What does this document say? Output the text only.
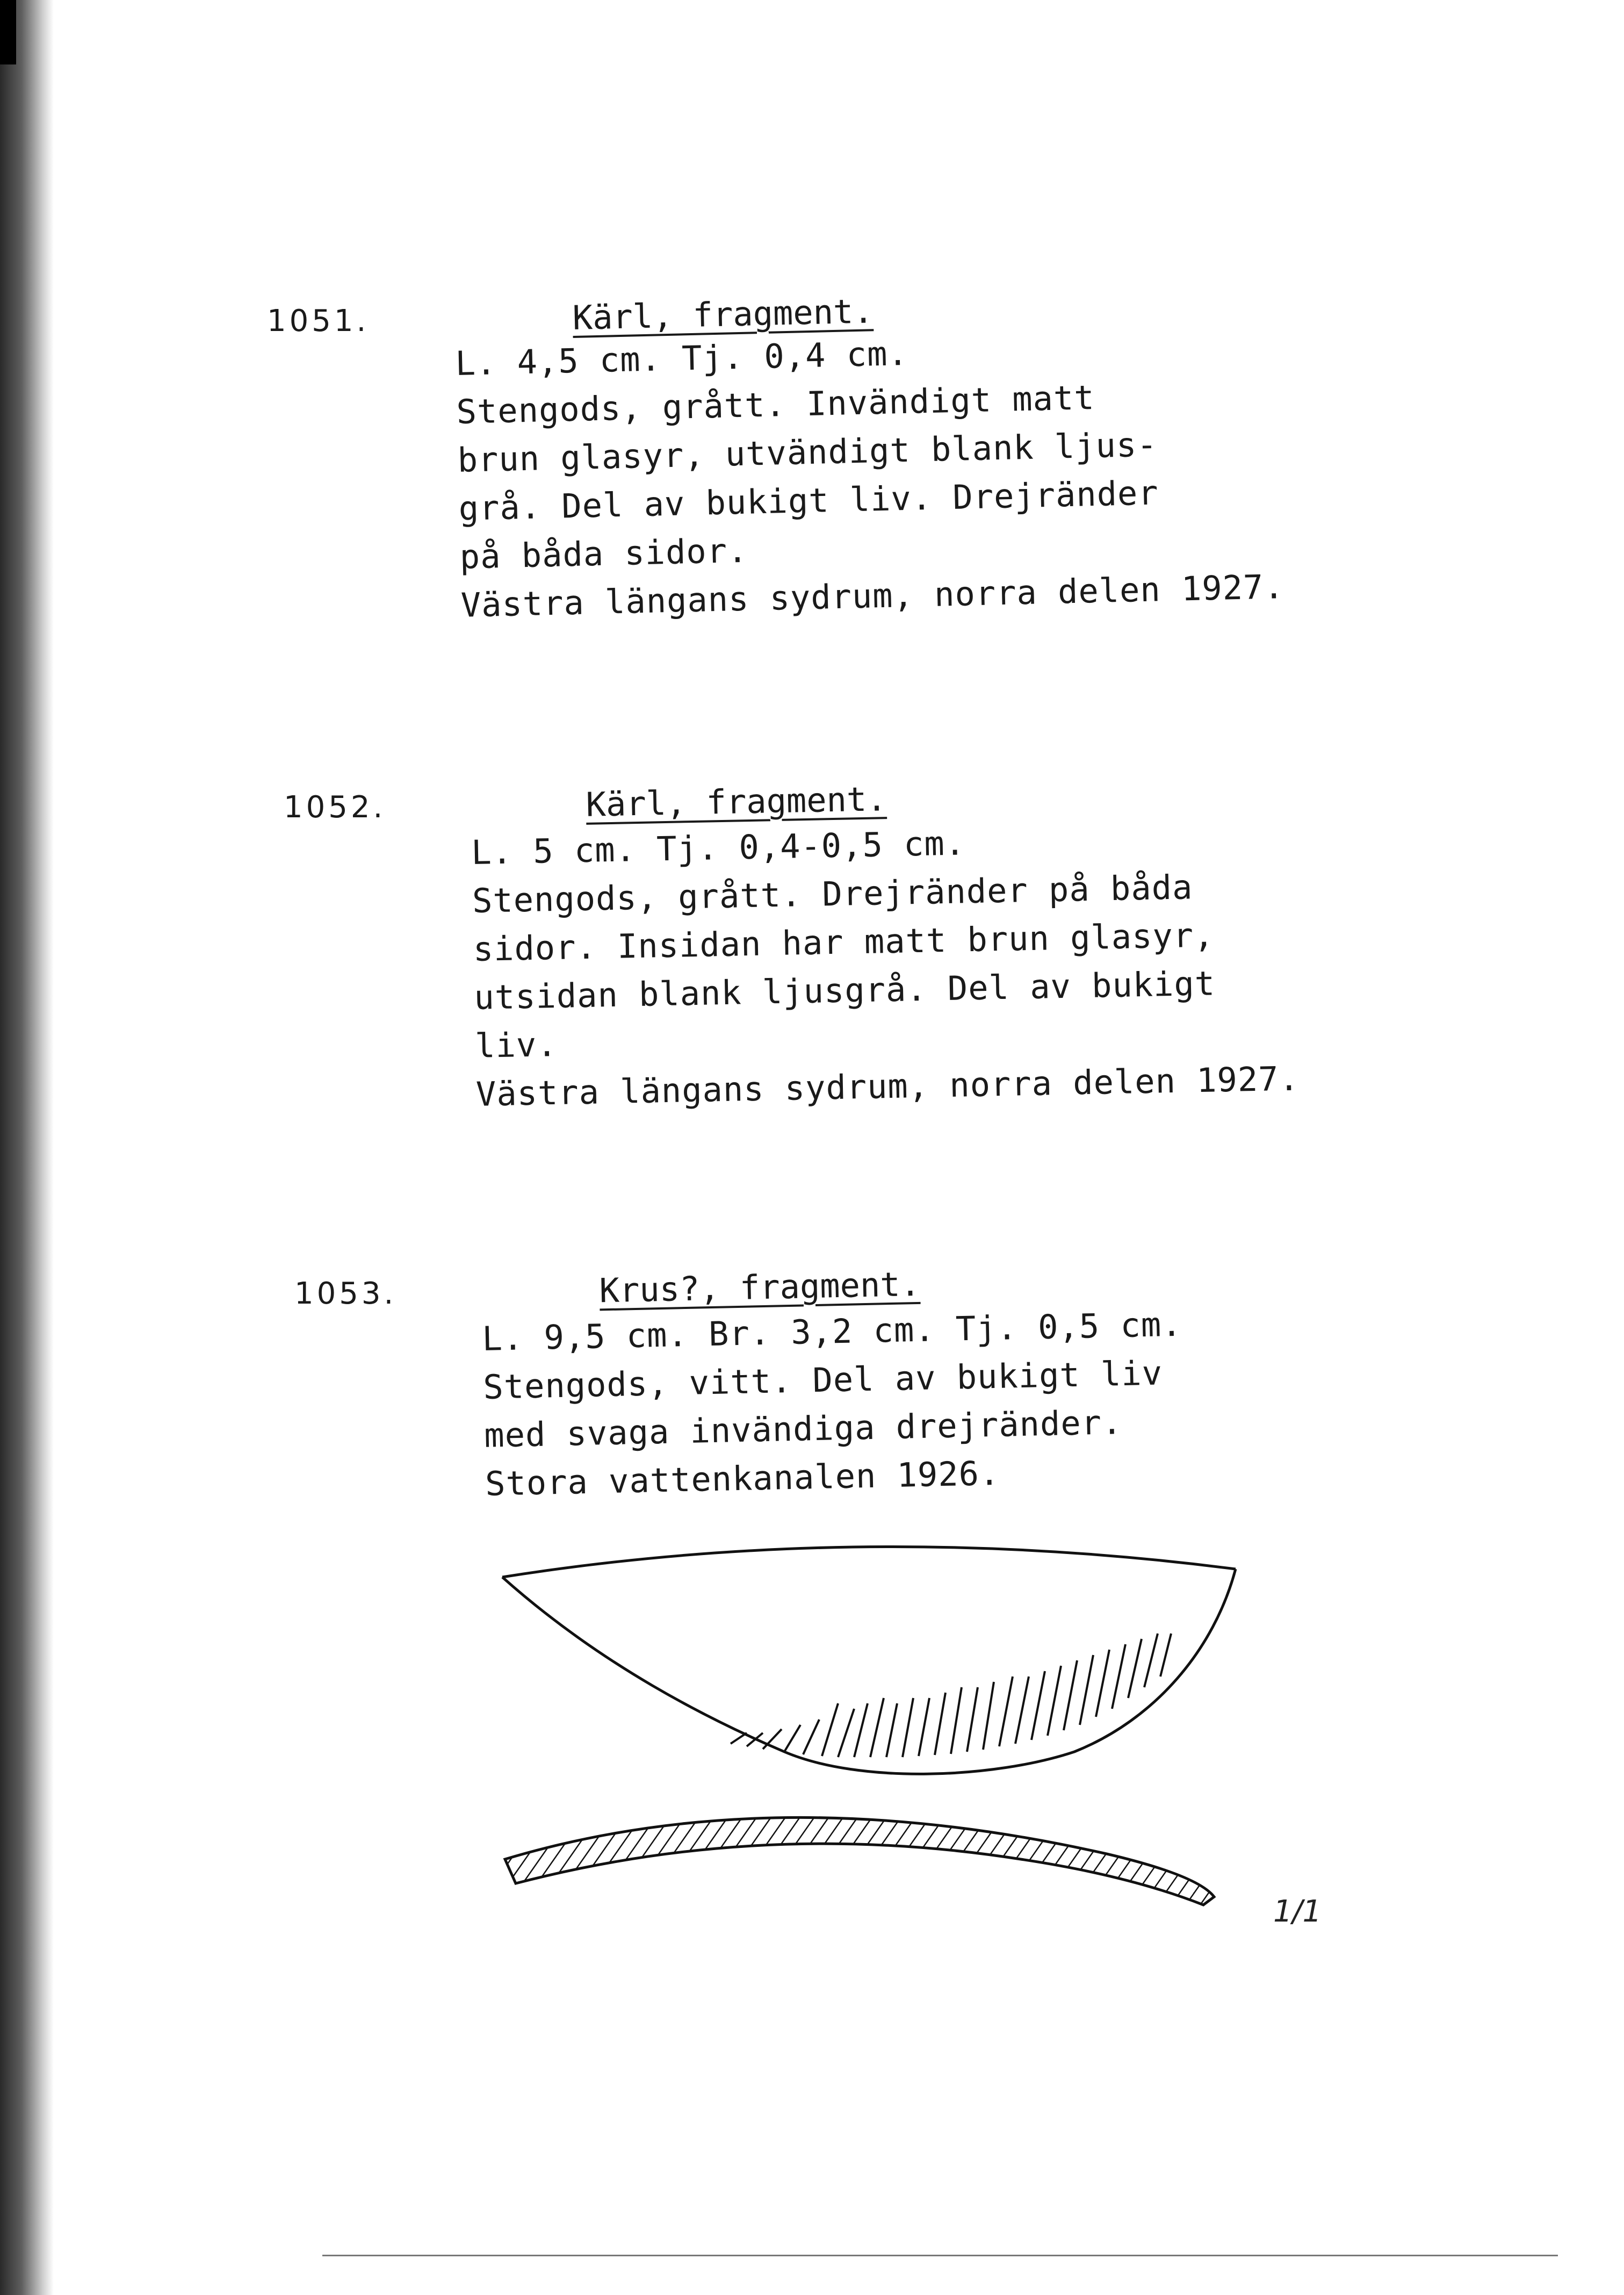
1051.	Kärl, fragment.
L. 4,5 cm. Tj. 0,4 cm.
Stengods, grått. Invändigt matt
brun glasyr, utvändigt blank ljus-
grå. Del av bukigt liv. Drejränder
på båda sidor.
Västra längans sydrum, norra delen 1927.
1052.	Kärl, fragment.
L. 5 cm. Tj. 0,4-0,5 cm.
Stengods, grått. Drejränder på båda
sidor. Insidan har matt brun glasyr,
utsidan blank ljusgrå. Del av bukigt
liv.
Västra längans sydrum, norra delen 1927.
1053.	Krus?, fragment.
L. 9,5 cm. Br. 3,2 cm. Tj. 0,5 cm.
Stengods, vitt. Del av bukigt liv
med svaga invändiga drejränder.
Stora vattenkanalen 1926.
1/1
